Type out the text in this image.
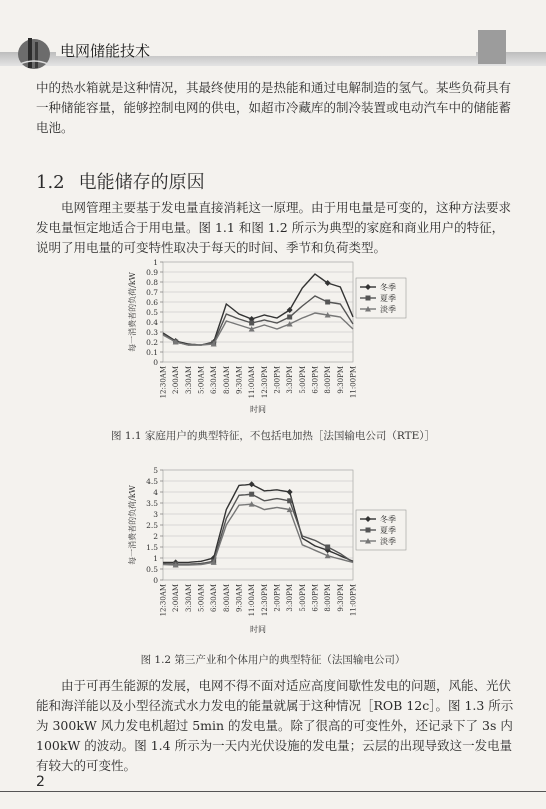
电网储能技术

中的热水箱就是这种情况，其最终使用的是热能和通过电解制造的氢气。某些负荷具有一种储能容量，能够控制电网的供电，如超市冷藏库的制冷装置或电动汽车中的储能蓄电池。

1.2 电能储存的原因

电网管理主要基于发电量直接消耗这一原理。由于用电量是可变的，这种方法要求发电量恒定地适合于用电量。图 1.1 和图 1.2 所示为典型的家庭和商业用户的特征，说明了用电量的可变特性取决于每天的时间、季节和负荷类型。

0
0.1
0.2
0.3
0.4
0.5
0.6
0.7
0.8
0.9
1
12:30AM 2:00AM 3:30AM 5:00AM 6:30AM 8:00AM 9:30AM 11:00AM 12:30PM 2:00PM 3:30PM 5:00PM 6:30PM 8:00PM 9:30PM 11:00PM
每一消费者的负荷/kW
时间
冬季
夏季
淡季
图 1.1 家庭用户的典型特征，不包括电加热［法国输电公司（RTE）］
0
0.5
1
1.5
2
2.5
3
3.5
4
4.5
5
12:30AM 2:00AM 3:30AM 5:00AM 6:30AM 8:00AM 9:30AM 11:00AM 12:30PM 2:00PM 3:30PM 5:00PM 6:30PM 8:00PM 9:30PM 11:00PM
每一消费者的负荷/kW
时间
冬季
夏季
淡季
图 1.2 第三产业和个体用户的典型特征（法国输电公司）

由于可再生能源的发展，电网不得不面对适应高度间歇性发电的问题，风能、光伏能和海洋能以及小型径流式水力发电的能量就属于这种情况［ROB 12c］。图 1.3 所示为 300kW 风力发电机超过 5min 的发电量。除了很高的可变性外，还记录下了 3s 内 100kW 的波动。图 1.4 所示为一天内光伏设施的发电量；云层的出现导致这一发电量有较大的可变性。

2
